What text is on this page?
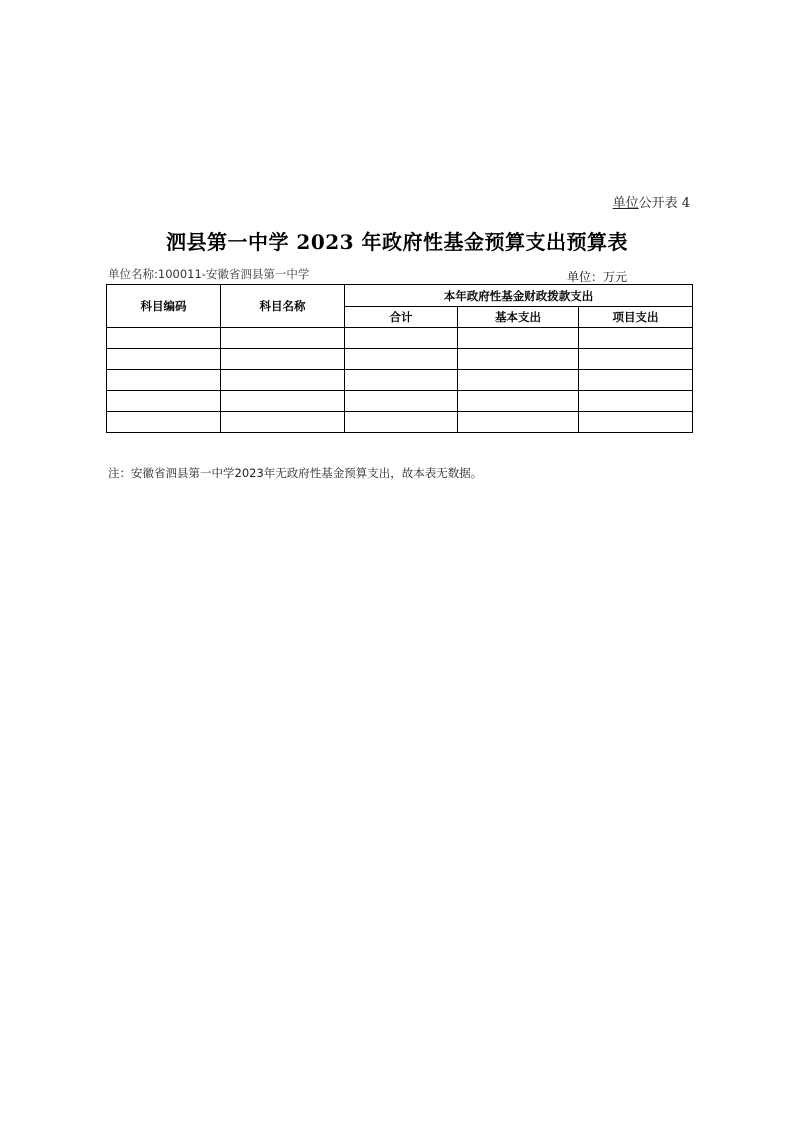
单位公开表 4
泗县第一中学 2023 年政府性基金预算支出预算表
单位名称:100011-安徽省泗县第一中学	单位：万元
科目编码	科目名称	本年政府性基金财政拨款支出		
		合计	基本支出	项目支出

注：安徽省泗县第一中学2023年无政府性基金预算支出，故本表无数据。
